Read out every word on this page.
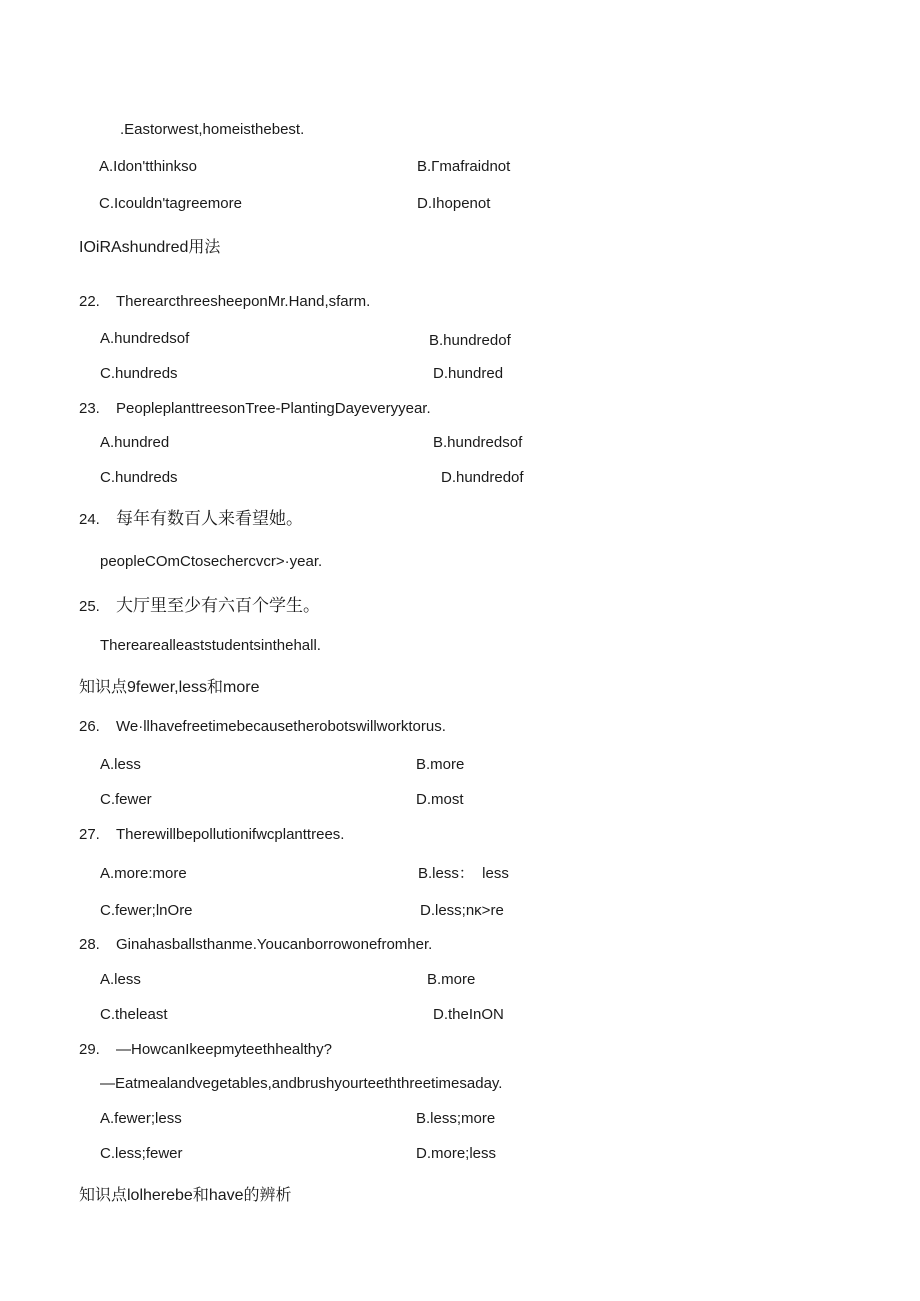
.Eastorwest,homeisthebest.
A.Idon'tthinkso	B.Γmafraidnot
C.Icouldn'tagreemore	D.Ihopenot
IOiRAshundred用法
22. TherearcthreesheeponMr.Hand,sfarm.
A.hundredsof	B.hundredof
C.hundreds	D.hundred
23. PeopleplanttreesonTree-PlantingDayeveryyear.
A.hundred	B.hundredsof
C.hundreds	D.hundredof
24. 每年有数百人来看望她。
peopleCOmCtosechercvcr>·year.
25. 大厅里至少有六百个学生。
Therearealleaststudentsinthehall.
知识点9fewer,less和more
26. We·llhavefreetimebecausetherobotswillworktorus.
A.less	B.more
C.fewer	D.most
27. Therewillbepollutionifwcplanttrees.
A.more:more	B.less：  less
C.fewer;lnOre	D.less;nκ>re
28. Ginahasballsthanme.Youcanborrowonefromher.
A.less	B.more
C.theleast	D.theInON
29. —HowcanIkeepmyteethhealthy?
—Eatmealandvegetables,andbrushyourteeththreetimesaday.
A.fewer;less	B.less;more
C.less;fewer	D.more;less
知识点lolherebe和have的辨析
